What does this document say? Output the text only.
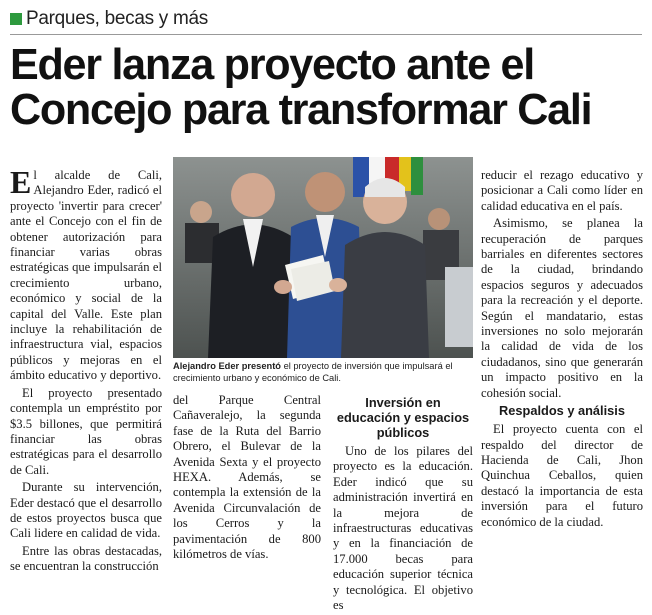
Parques, becas y más
Eder lanza proyecto ante el Concejo para transformar Cali

El alcalde de Cali, Alejandro Eder, radicó el proyecto 'invertir para crecer' ante el Concejo con el fin de obtener autorización para financiar varias obras estratégicas que impulsarán el crecimiento urbano, económico y social de la capital del Valle. Este plan incluye la rehabilitación de infraestructura vial, espacios públicos y mejoras en el ámbito educativo y deportivo.

El proyecto presentado contempla un empréstito por $3.5 billones, que permitirá financiar las obras estratégicas para el desarrollo de Cali.

Durante su intervención, Eder destacó que el desarrollo de estos proyectos busca que Cali lidere en calidad de vida.

Entre las obras destacadas, se encuentran la construcción

Alejandro Eder presentó el proyecto de inversión que impulsará el crecimiento urbano y económico de Cali.

del Parque Central Cañaveralejo, la segunda fase de la Ruta del Barrio Obrero, el Bulevar de la Avenida Sexta y el proyecto HEXA. Además, se contempla la extensión de la Avenida Circunvalación de los Cerros y la pavimentación de 800 kilómetros de vías.

Inversión en educación y espacios públicos

Uno de los pilares del proyecto es la educación. Eder indicó que su administración invertirá en la mejora de infraestructuras educativas y en la financiación de 17.000 becas para educación superior técnica y tecnológica. El objetivo es

reducir el rezago educativo y posicionar a Cali como líder en calidad educativa en el país.

Asimismo, se planea la recuperación de parques barriales en diferentes sectores de la ciudad, brindando espacios seguros y adecuados para la recreación y el deporte. Según el mandatario, estas inversiones no solo mejorarán la calidad de vida de los ciudadanos, sino que generarán un impacto positivo en la cohesión social.

Respaldos y análisis

El proyecto cuenta con el respaldo del director de Hacienda de Cali, Jhon Quinchua Ceballos, quien destacó la importancia de esta inversión para el futuro económico de la ciudad.
